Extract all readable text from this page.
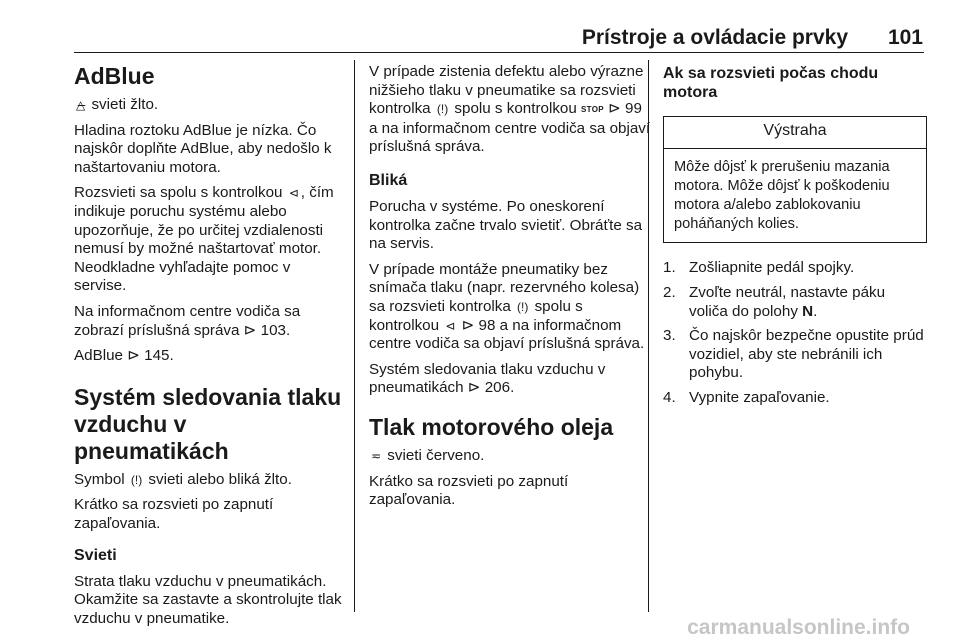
Prístroje a ovládacie prvky 101
AdBlue

△̶ svieti žlto.

Hladina roztoku AdBlue je nízka. Čo najskôr doplňte AdBlue, aby nedošlo k naštartovaniu motora.

Rozsvieti sa spolu s kontrolkou ⊲ , čím indikuje poruchu systému alebo upozorňuje, že po určitej vzdialenosti nemusí by možné naštartovať motor. Neodkladne vyhľadajte pomoc v servise.

Na informačnom centre vodiča sa zobrazí príslušná správa ⊳ 103.

AdBlue ⊳ 145.

Systém sledovania tlaku vzduchu v pneumatikách

Symbol (!) svieti alebo bliká žlto.

Krátko sa rozsvieti po zapnutí zapaľovania.

Svieti

Strata tlaku vzduchu v pneumatikách. Okamžite sa zastavte a skontrolujte tlak vzduchu v pneumatike.

V prípade zistenia defektu alebo výrazne nižšieho tlaku v pneumatike sa rozsvieti kontrolka (!) spolu s kontrolkou STOP ⊳ 99 a na informačnom centre vodiča sa objaví príslušná správa.

Bliká

Porucha v systéme. Po oneskorení kontrolka začne trvalo svietiť. Obráťte sa na servis.

V prípade montáže pneumatiky bez snímača tlaku (napr. rezervného kolesa) sa rozsvieti kontrolka (!) spolu s kontrolkou ⊲ ⊳ 98 a na informačnom centre vodiča sa objaví príslušná správa.

Systém sledovania tlaku vzduchu v pneumatikách ⊳ 206.

Tlak motorového oleja

≂ svieti červeno.

Krátko sa rozsvieti po zapnutí zapaľovania.

Ak sa rozsvieti počas chodu motora
Výstraha
Môže dôjsť k prerušeniu mazania motora. Môže dôjsť k poškodeniu motora a/alebo zablokovaniu poháňaných kolies.
1. Zošliapnite pedál spojky.
2. Zvoľte neutrál, nastavte páku voliča do polohy N.
3. Čo najskôr bezpečne opustite prúd vozidiel, aby ste nebránili ich pohybu.
4. Vypnite zapaľovanie.
carmanualsonline.info
